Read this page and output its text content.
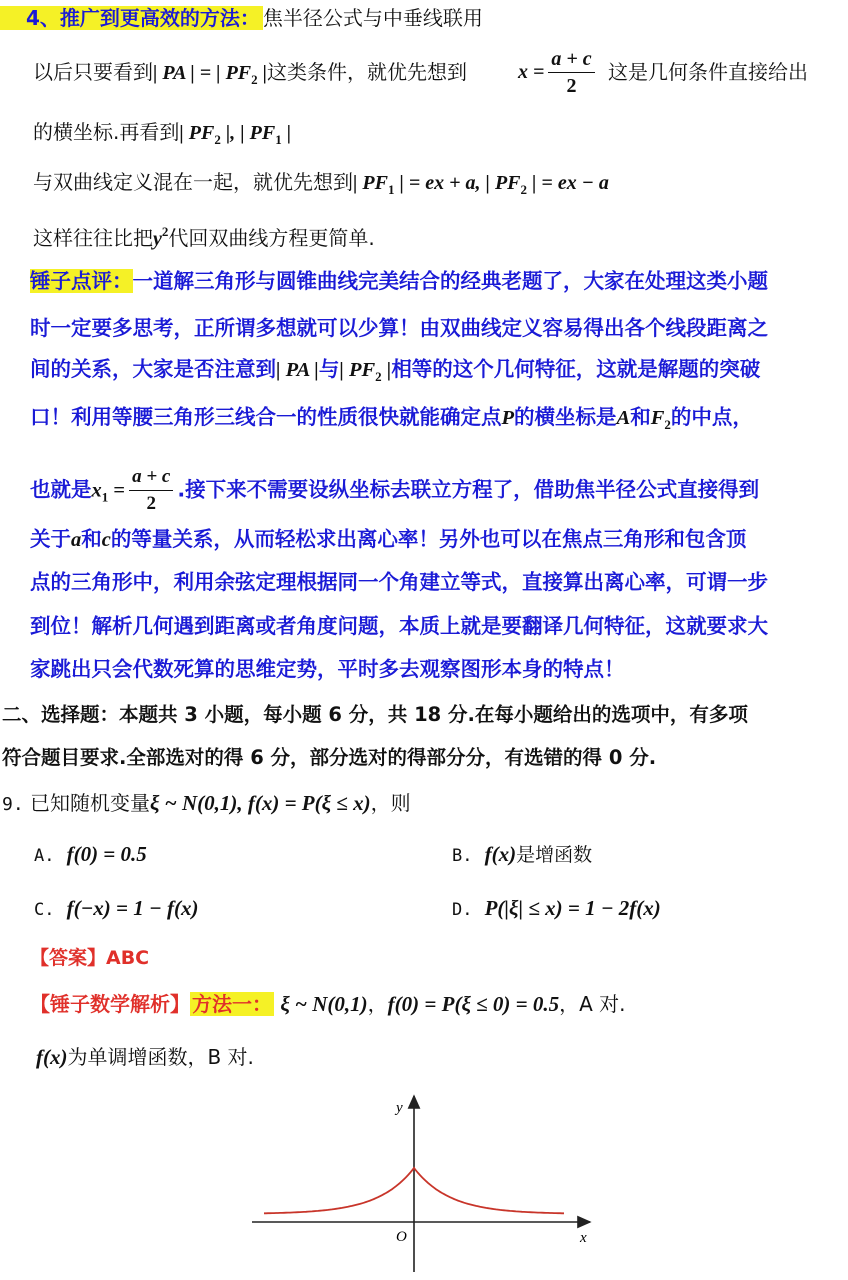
4、推广到更高效的方法： 焦半径公式与中垂线联用
以后只要看到| PA | = | $PF_2$ |这类条件，就优先想到	$x = \frac{a + c}{2}$ 这是几何条件直接给出
的横坐标.再看到| $PF_2$ |, | $PF_1$ |
与双曲线定义混在一起，就优先想到| $PF_1$ | = ex + a, | $PF_2$ | = ex − a
这样往往比把$y^2$代回双曲线方程更简单.
锤子点评：一道解三角形与圆锥曲线完美结合的经典老题了，大家在处理这类小题
时一定要多思考，正所谓多想就可以少算！由双曲线定义容易得出各个线段距离之
间的关系，大家是否注意到| PA |与| $PF_2$ |相等的这个几何特征，这就是解题的突破
口！利用等腰三角形三线合一的性质很快就能确定点P的横坐标是A和$F_2$的中点，
也就是$x_1 = \frac{a + c}{2}$ .接下来不需要设纵坐标去联立方程了，借助焦半径公式直接得到
关于a和c的等量关系，从而轻松求出离心率！另外也可以在焦点三角形和包含顶
点的三角形中，利用余弦定理根据同一个角建立等式，直接算出离心率，可谓一步
到位！解析几何遇到距离或者角度问题，本质上就是要翻译几何特征，这就要求大
家跳出只会代数死算的思维定势，平时多去观察图形本身的特点！
二、选择题：本题共 3 小题，每小题 6 分，共 18 分.在每小题给出的选项中，有多项
符合题目要求.全部选对的得 6 分，部分选对的得部分分，有选错的得 0 分.
9. 已知随机变量ξ ~ N(0,1), f(x) = P(ξ ≤ x)，则
A. f(0) = 0.5	B. f(x)是增函数
C. f(−x) = 1 − f(x)	D. P(|ξ| ≤ x) = 1 − 2f(x)
【答案】ABC
【锤子数学解析】 方法一： ξ ~ N(0,1)，f(0) = P(ξ ≤ 0) = 0.5，A 对.
f(x)为单调增函数，B 对.
y
x
O
